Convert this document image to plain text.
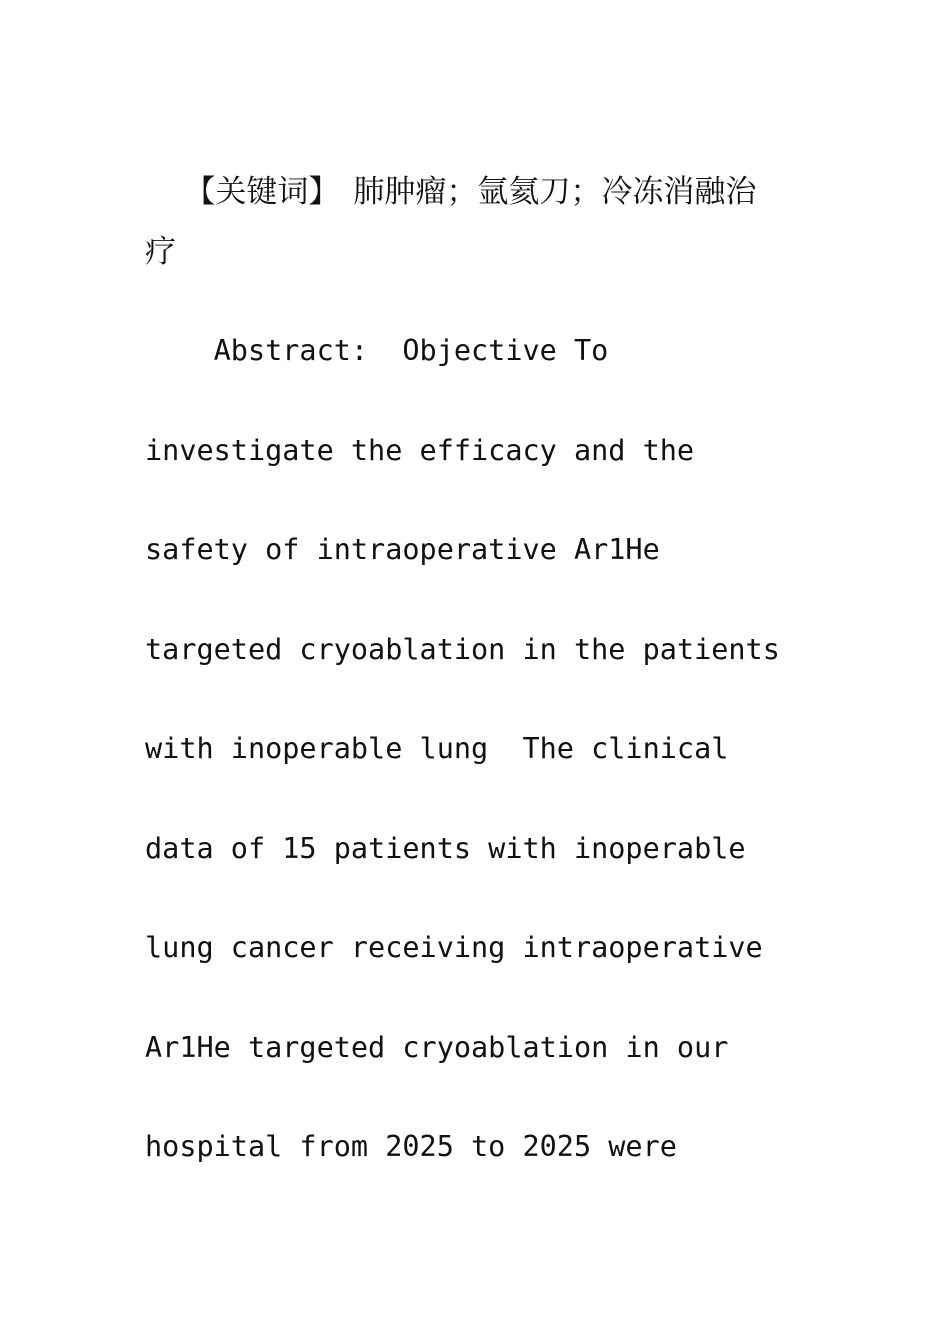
【关键词】 肺肿瘤；氩氦刀；冷冻消融治

疗
Abstract:  Objective To
investigate the efficacy and the
safety of intraoperative Ar1He
targeted cryoablation in the patients
with inoperable lung  The clinical
data of 15 patients with inoperable
lung cancer receiving intraoperative
Ar1He targeted cryoablation in our
hospital from 2025 to 2025 were
